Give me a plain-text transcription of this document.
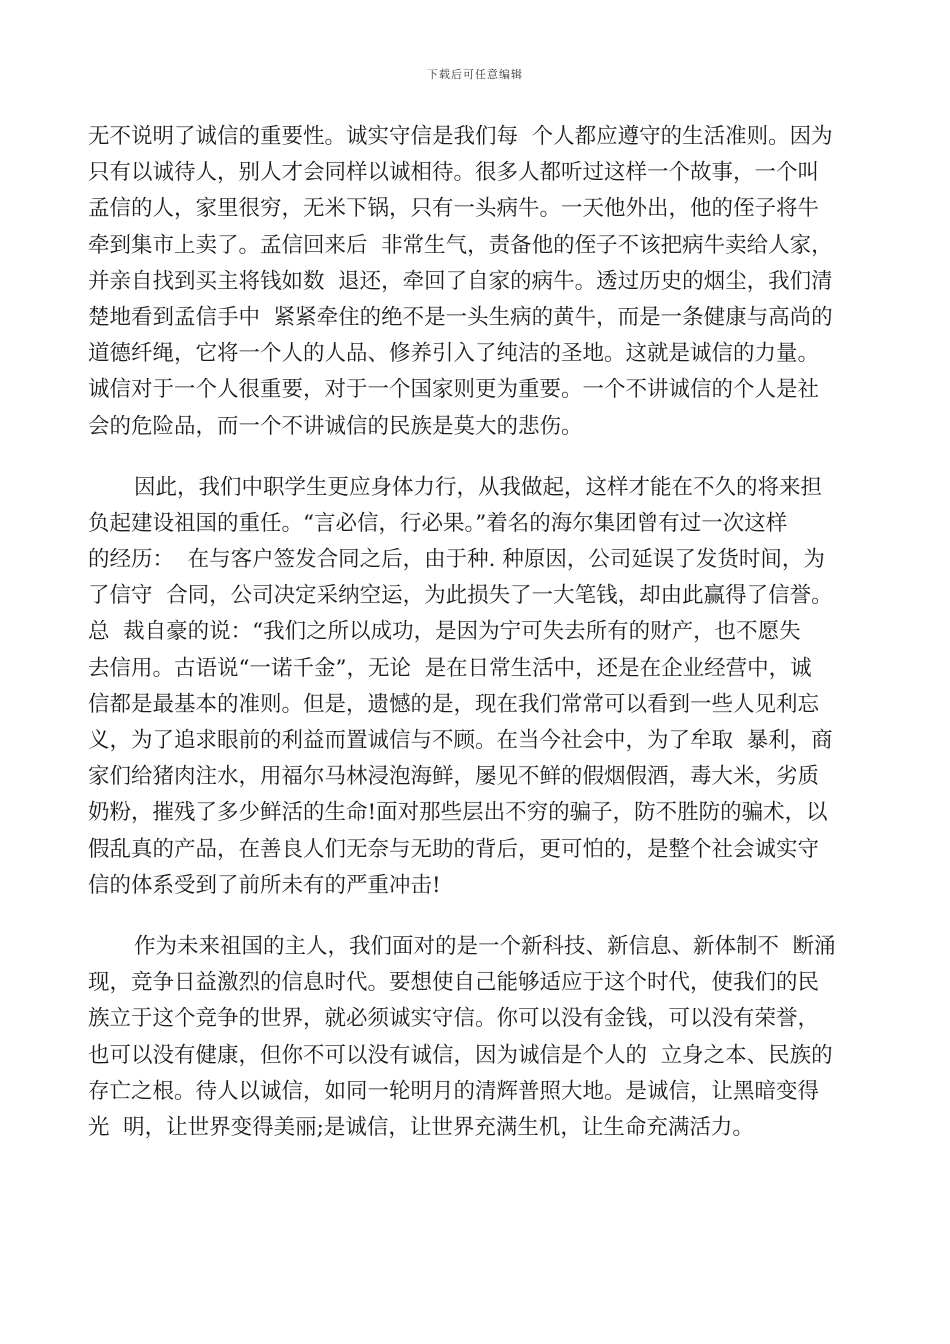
下载后可任意编辑
无不说明了诚信的重要性。诚实守信是我们每  个人都应遵守的生活准则。因为
只有以诚待人，别人才会同样以诚相待。很多人都听过这样一个故事，一个叫
孟信的人，家里很穷，无米下锅，只有一头病牛。一天他外出，他的侄子将牛
牵到集市上卖了。孟信回来后  非常生气，责备他的侄子不该把病牛卖给人家，
并亲自找到买主将钱如数  退还，牵回了自家的病牛。透过历史的烟尘，我们清
楚地看到孟信手中  紧紧牵住的绝不是一头生病的黄牛，而是一条健康与高尚的
道德纤绳，它将一个人的人品、修养引入了纯洁的圣地。这就是诚信的力量。
诚信对于一个人很重要，对于一个国家则更为重要。一个不讲诚信的个人是社
会的危险品，而一个不讲诚信的民族是莫大的悲伤。
因此，我们中职学生更应身体力行，从我做起，这样才能在不久的将来担
负起建设祖国的重任。“言必信，行必果。”着名的海尔集团曾有过一次这样
的经历：  在与客户签发合同之后，由于种. 种原因，公司延误了发货时间，为
了信守  合同，公司决定采纳空运，为此损失了一大笔钱，却由此赢得了信誉。
总  裁自豪的说：“我们之所以成功，是因为宁可失去所有的财产，也不愿失
去信用。古语说“一诺千金”，无论  是在日常生活中，还是在企业经营中，诚
信都是最基本的准则。但是，遗憾的是，现在我们常常可以看到一些人见利忘
义，为了追求眼前的利益而置诚信与不顾。在当今社会中，为了牟取  暴利，商
家们给猪肉注水，用福尔马林浸泡海鲜，屡见不鲜的假烟假酒，毒大米，劣质
奶粉，摧残了多少鲜活的生命!面对那些层出不穷的骗子，防不胜防的骗术，以
假乱真的产品，在善良人们无奈与无助的背后，更可怕的，是整个社会诚实守
信的体系受到了前所未有的严重冲击!
作为未来祖国的主人，我们面对的是一个新科技、新信息、新体制不  断涌
现，竞争日益激烈的信息时代。要想使自己能够适应于这个时代，使我们的民
族立于这个竞争的世界，就必须诚实守信。你可以没有金钱，可以没有荣誉，
也可以没有健康，但你不可以没有诚信，因为诚信是个人的  立身之本、民族的
存亡之根。待人以诚信，如同一轮明月的清辉普照大地。是诚信，让黑暗变得
光  明，让世界变得美丽;是诚信，让世界充满生机，让生命充满活力。
